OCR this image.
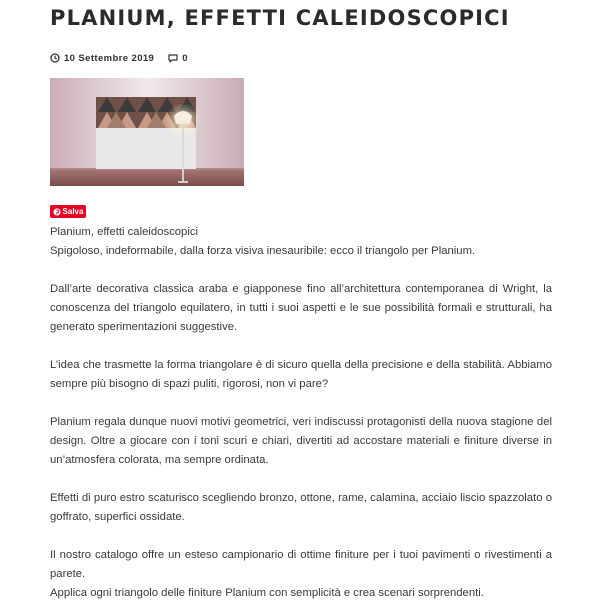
PLANIUM, EFFETTI CALEIDOSCOPICI
10 Settembre 2019	0
Salva

Planium, effetti caleidoscopici

Spigoloso, indeformabile, dalla forza visiva inesauribile: ecco il triangolo per Planium.

Dall’arte decorativa classica araba e giapponese fino all’architettura contemporanea di Wright, la conoscenza del triangolo equilatero, in tutti i suoi aspetti e le sue possibilità formali e strutturali, ha generato sperimentazioni suggestive.

L’idea che trasmette la forma triangolare è di sicuro quella della precisione e della stabilità. Abbiamo sempre più bisogno di spazi puliti, rigorosi, non vi pare?

Planium regala dunque nuovi motivi geometrici, veri indiscussi protagonisti della nuova stagione del design. Oltre a giocare con i toni scuri e chiari, divertiti ad accostare materiali e finiture diverse in un’atmosfera colorata, ma sempre ordinata.

Effetti di puro estro scaturisco scegliendo bronzo, ottone, rame, calamina, acciaio liscio spazzolato o goffrato, superfici ossidate.

Il nostro catalogo offre un esteso campionario di ottime finiture per i tuoi pavimenti o rivestimenti a parete.

Applica ogni triangolo delle finiture Planium con semplicità e crea scenari sorprendenti.
